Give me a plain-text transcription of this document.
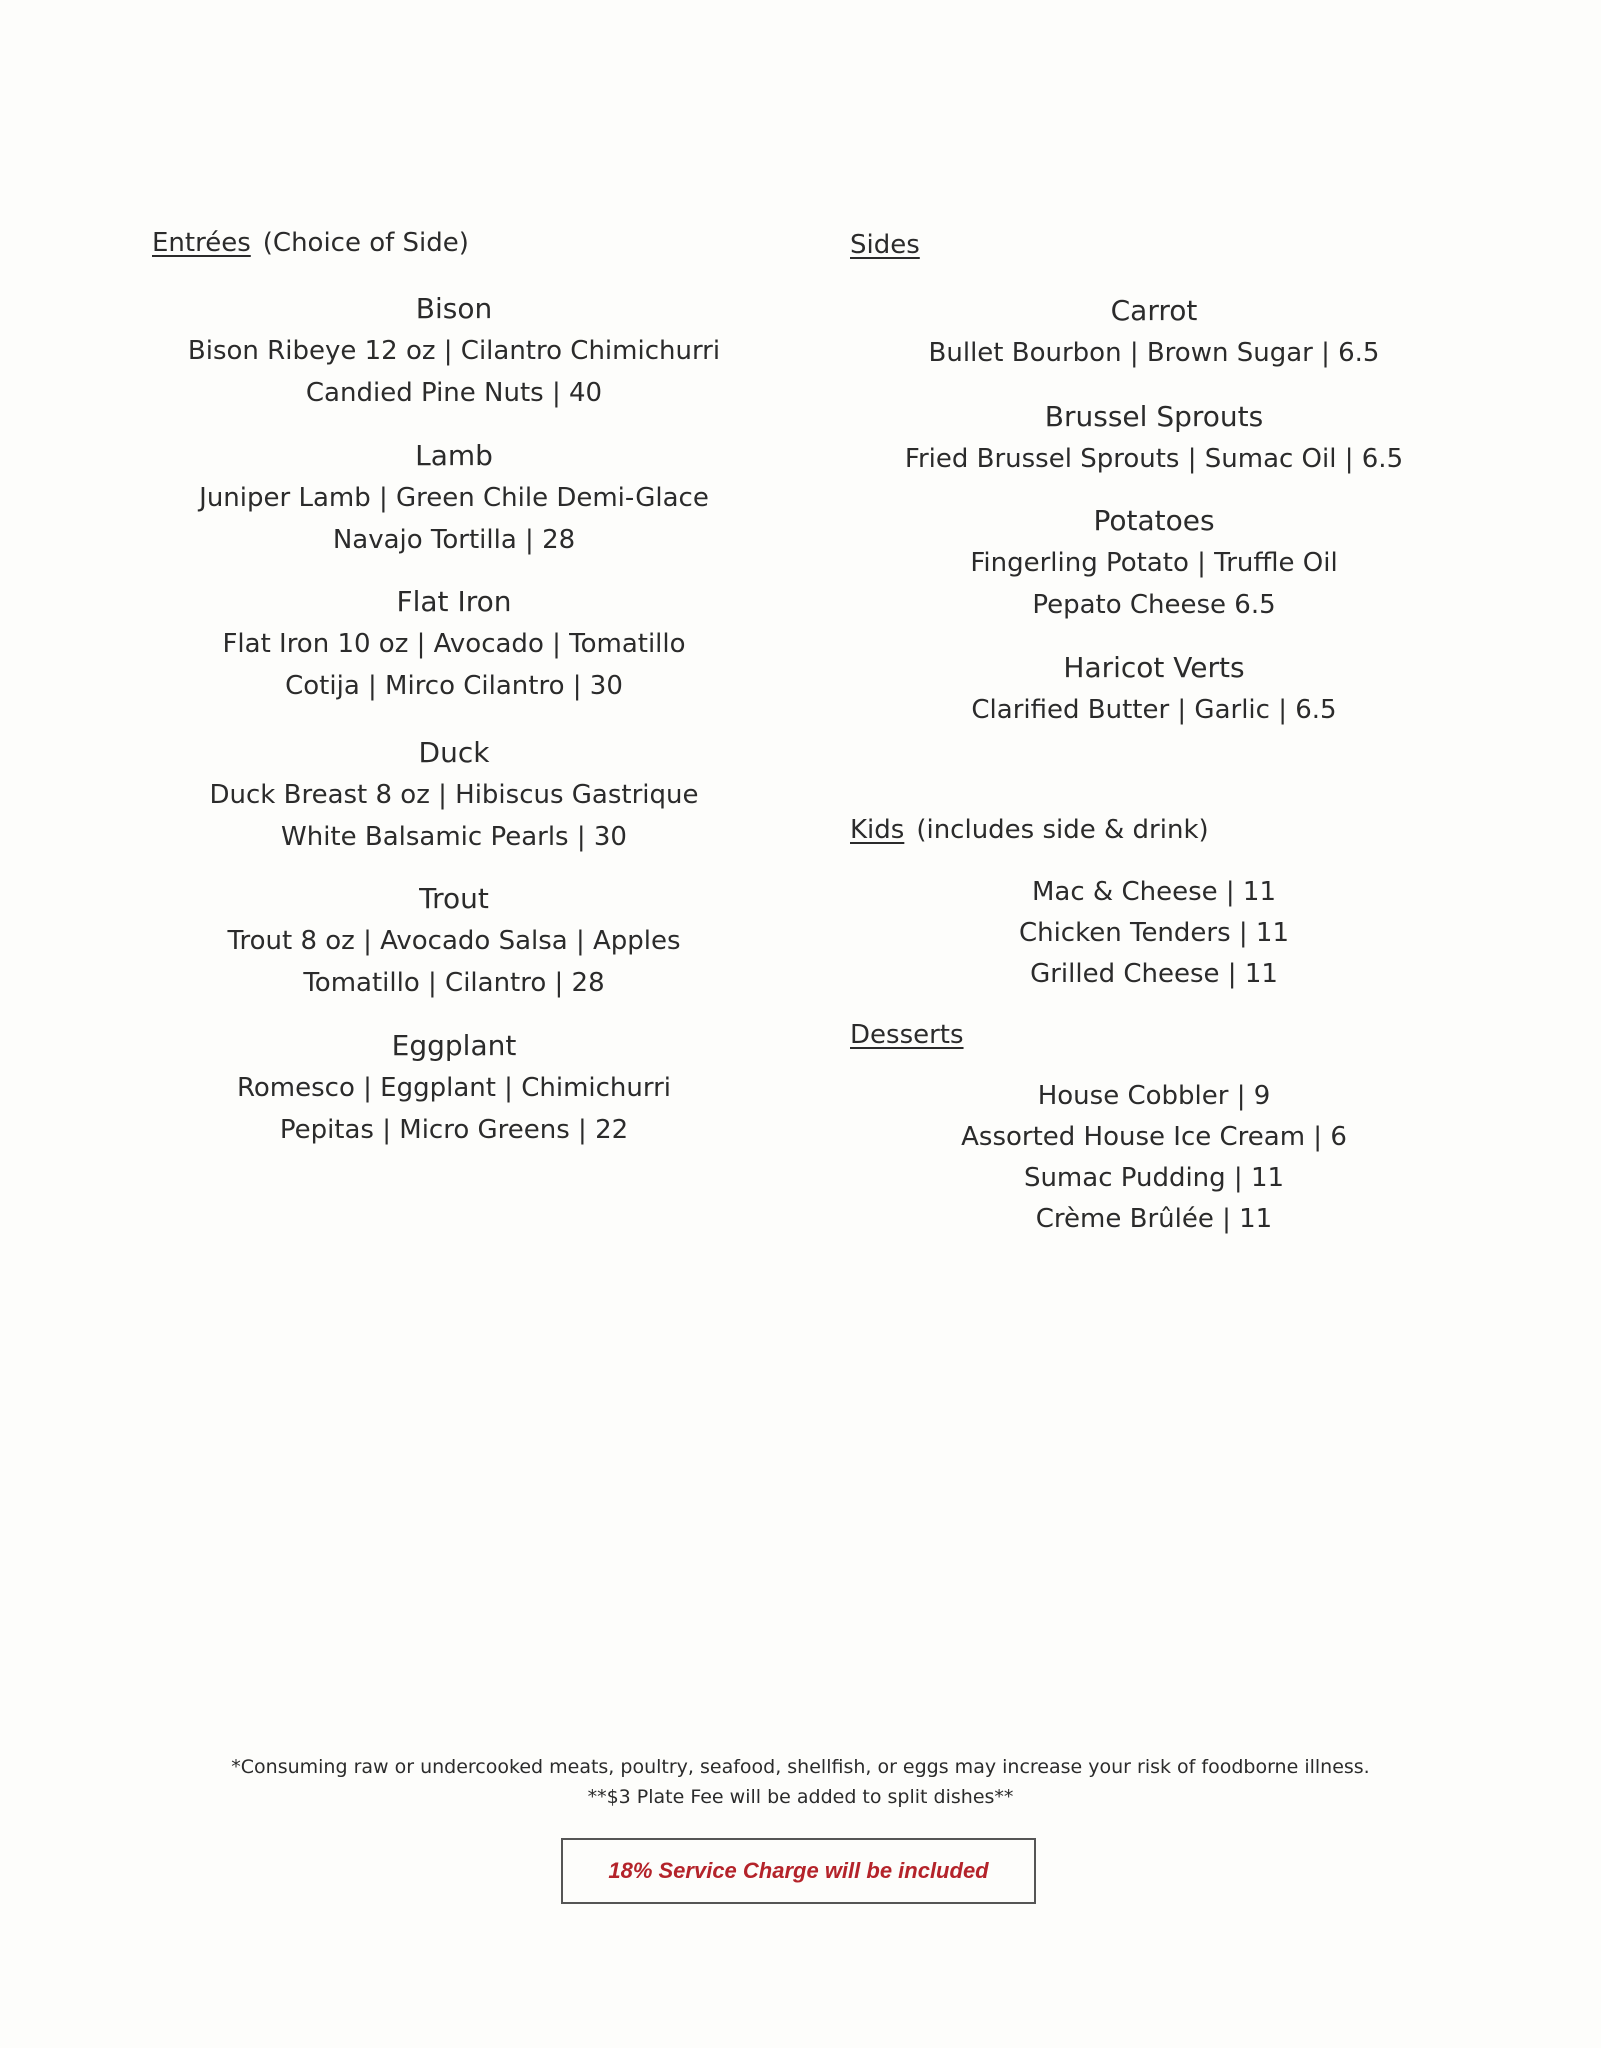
Entrées (Choice of Side)
Bison
Bison Ribeye 12 oz | Cilantro Chimichurri
Candied Pine Nuts | 40
Lamb
Juniper Lamb | Green Chile Demi-Glace
Navajo Tortilla | 28
Flat Iron
Flat Iron 10 oz | Avocado | Tomatillo
Cotija | Mirco Cilantro | 30
Duck
Duck Breast 8 oz | Hibiscus Gastrique
White Balsamic Pearls | 30
Trout
Trout 8 oz | Avocado Salsa | Apples
Tomatillo | Cilantro | 28
Eggplant
Romesco | Eggplant | Chimichurri
Pepitas | Micro Greens | 22
Sides
Carrot
Bullet Bourbon | Brown Sugar | 6.5
Brussel Sprouts
Fried Brussel Sprouts | Sumac Oil | 6.5
Potatoes
Fingerling Potato | Truffle Oil
Pepato Cheese 6.5
Haricot Verts
Clarified Butter | Garlic | 6.5
Kids (includes side & drink)
Mac & Cheese | 11
Chicken Tenders | 11
Grilled Cheese | 11
Desserts
House Cobbler | 9
Assorted House Ice Cream | 6
Sumac Pudding | 11
Crème Brûlée | 11
*Consuming raw or undercooked meats, poultry, seafood, shellfish, or eggs may increase your risk of foodborne illness.
**$3 Plate Fee will be added to split dishes**
18% Service Charge will be included
